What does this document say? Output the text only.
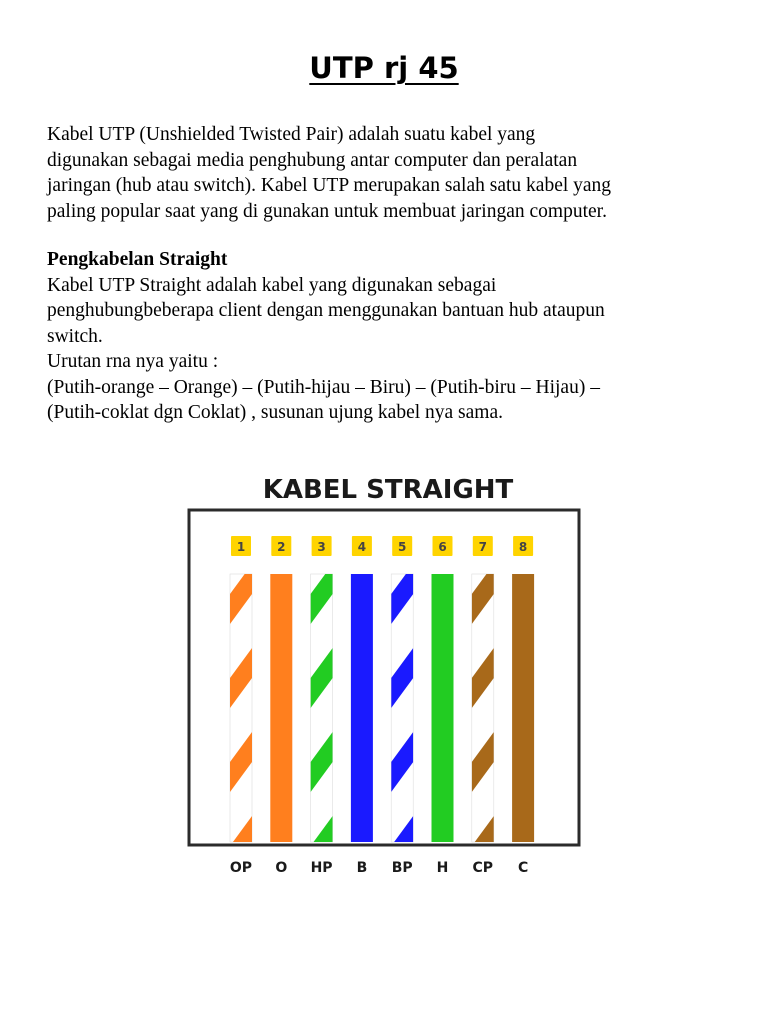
UTP rj 45

Kabel UTP (Unshielded Twisted Pair) adalah suatu kabel yang
digunakan sebagai media penghubung antar computer dan peralatan
jaringan (hub atau switch). Kabel UTP merupakan salah satu kabel yang
paling popular saat yang di gunakan untuk membuat jaringan computer.

Pengkabelan Straight
Kabel UTP Straight adalah kabel yang digunakan sebagai
penghubungbeberapa client dengan menggunakan bantuan hub ataupun
switch.
Urutan rna nya yaitu :
(Putih-orange – Orange) – (Putih-hijau – Biru) – (Putih-biru – Hijau) –
(Putih-coklat dgn Coklat) , susunan ujung kabel nya sama.

KABEL STRAIGHT
1
OP
2
O
3
HP
4
B
5
BP
6
H
7
CP
8
C
